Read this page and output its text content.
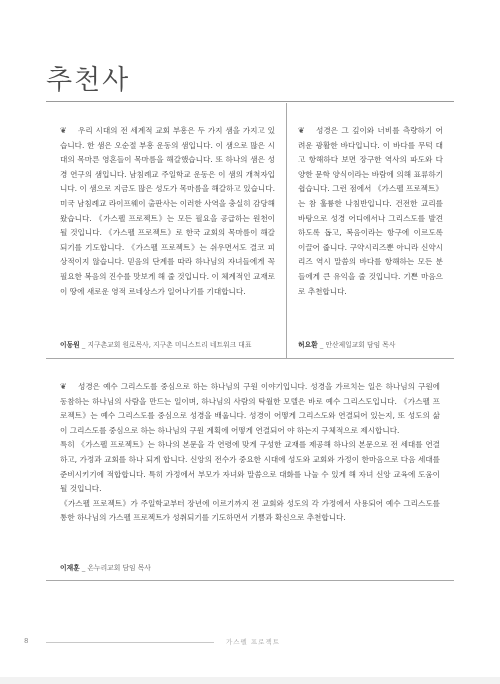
추천사

❦ 우리 시대의 전 세계적 교회 부흥은 두 가지 샘을 가지고 있습니다. 한 샘은 오순절 부흥 운동의 샘입니다. 이 샘으로 많은 시대의 목마른 영혼들이 목마름을 해갈했습니다. 또 하나의 샘은 성경 연구의 샘입니다. 남침례교 주일학교 운동은 이 샘의 개척자입니다. 이 샘으로 지금도 많은 성도가 목마름을 해갈하고 있습니다. 미국 남침례교 라이프웨이 출판사는 이러한 사역을 충실히 감당해 왔습니다. 《가스펠 프로젝트》는 모든 필요을 공급하는 원천이 될 것입니다. 《가스펠 프로젝트》로 한국 교회의 목마름이 해갈되기를 기도합니다. 《가스펠 프로젝트》는 쉬우면서도 결코 피상적이지 않습니다. 믿음의 단계를 따라 하나님의 자녀들에게 꼭 필요한 복음의 진수를 맛보게 해 줄 것입니다. 이 체계적인 교재로 이 땅에 새로운 영적 르네상스가 일어나기를 기대합니다.

이동원 _ 지구촌교회 원로목사, 지구촌 미니스트리 네트워크 대표

❦ 성경은 그 깊이와 너비를 측량하기 어려운 광활한 바다입니다. 이 바다를 무턱 대고 항해하다 보면 장구한 역사의 파도와 다양한 문학 양식이라는 바람에 의해 표류하기 쉽습니다. 그런 점에서 《가스펠 프로젝트》는 참 훌륭한 나침반입니다. 건전한 교리를 바탕으로 성경 어디에서나 그리스도를 발견하도록 돕고, 복음이라는 항구에 이르도록 이끌어 줍니다. 구약시리즈뿐 아니라 신약시리즈 역시 말씀의 바다를 항해하는 모든 분들에게 큰 유익을 줄 것입니다. 기쁜 마음으로 추천합니다.

허요환 _ 안산제일교회 담임 목사

❦ 성경은 예수 그리스도를 중심으로 하는 하나님의 구원 이야기입니다. 성경을 가르치는 일은 하나님의 구원에 동참하는 하나님의 사람을 만드는 일이며, 하나님의 사람의 탁월한 모델은 바로 예수 그리스도입니다. 《가스펠 프로젝트》는 예수 그리스도를 중심으로 성경을 배웁니다. 성경이 어떻게 그리스도와 연결되어 있는지, 또 성도의 삶이 그리스도를 중심으로 하는 하나님의 구원 계획에 어떻게 연결되어 야 하는지 구체적으로 제시합니다.

특히 《가스펠 프로젝트》는 하나의 본문을 각 연령에 맞게 구성한 교재를 제공해 하나의 본문으로 전 세대를 연결하고, 가정과 교회를 하나 되게 합니다. 신앙의 전수가 중요한 시대에 성도와 교회와 가정이 한마음으로 다음 세대를 준비시키기에 적합합니다. 특히 가정에서 부모가 자녀와 말씀으로 대화를 나눌 수 있게 해 자녀 신앙 교육에 도움이 될 것입니다.

《가스펠 프로젝트》가 주일학교부터 장년에 이르기까지 전 교회와 성도의 각 가정에서 사용되어 예수 그리스도를 통한 하나님의 가스펠 프로젝트가 성취되기를 기도하면서 기쁨과 확신으로 추천합니다.

이재훈 _ 온누리교회 담임 목사
8	가스펠 프로젝트
